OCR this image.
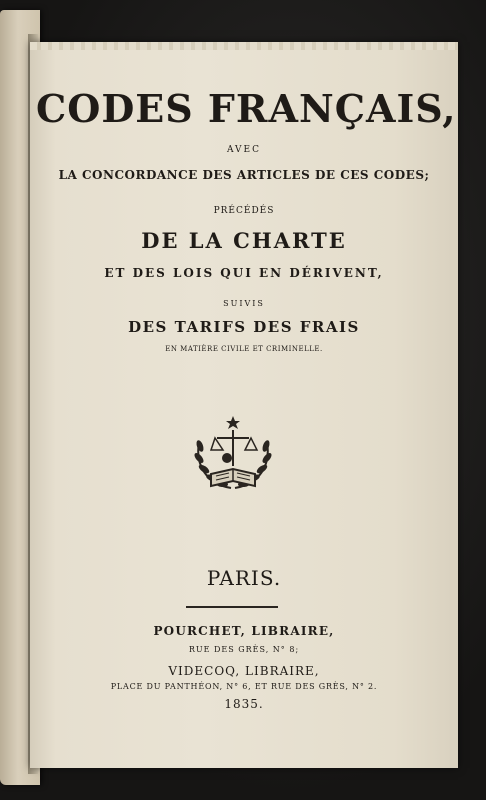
CODES FRANÇAIS,
AVEC
LA CONCORDANCE DES ARTICLES DE CES CODES;
PRÉCÉDÉS
DE LA CHARTE
ET DES LOIS QUI EN DÉRIVENT,
SUIVIS
DES TARIFS DES FRAIS
EN MATIÈRE CIVILE ET CRIMINELLE.
PARIS.
POURCHET, LIBRAIRE,
RUE DES GRÈS, N° 8;
VIDECOQ, LIBRAIRE,
PLACE DU PANTHÉON, N° 6, ET RUE DES GRÈS, N° 2.
1835.
